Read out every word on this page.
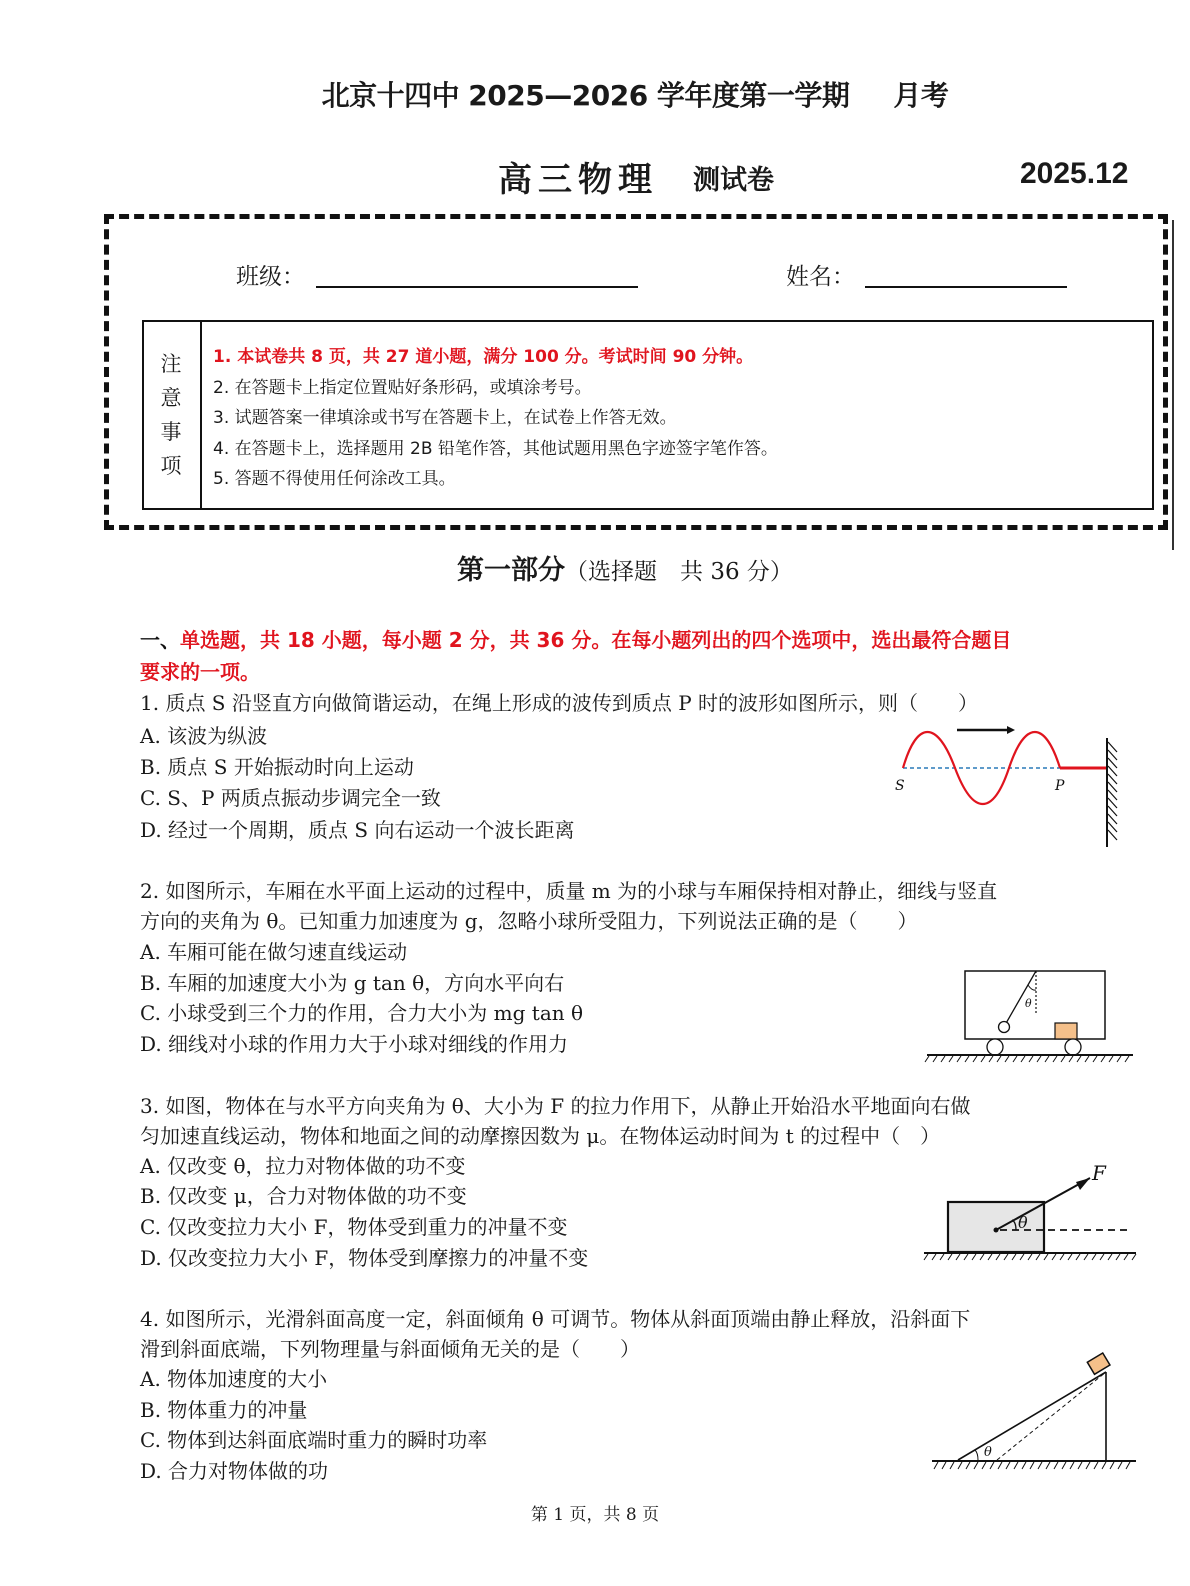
北京十四中 2025—2026 学年度第一学期 月考
高三物理 测试卷	2025.12
班级：	姓名：
注
意
事
项
1. 本试卷共 8 页，共 27 道小题，满分 100 分。考试时间 90 分钟。
2. 在答题卡上指定位置贴好条形码，或填涂考号。
3. 试题答案一律填涂或书写在答题卡上，在试卷上作答无效。
4. 在答题卡上，选择题用 2B 铅笔作答，其他试题用黑色字迹签字笔作答。
5. 答题不得使用任何涂改工具。
第一部分（选择题　共 36 分）
一、单选题，共 18 小题，每小题 2 分，共 36 分。在每小题列出的四个选项中，选出最符合题目
要求的一项。
1. 质点 S 沿竖直方向做简谐运动，在绳上形成的波传到质点 P 时的波形如图所示，则（　　）
A. 该波为纵波
B. 质点 S 开始振动时向上运动
C. S、P 两质点振动步调完全一致
D. 经过一个周期，质点 S 向右运动一个波长距离
S	P
2. 如图所示，车厢在水平面上运动的过程中，质量 m 为的小球与车厢保持相对静止，细线与竖直
方向的夹角为 θ。已知重力加速度为 g，忽略小球所受阻力，下列说法正确的是（　　）
A. 车厢可能在做匀速直线运动
B. 车厢的加速度大小为 g tan θ，方向水平向右
C. 小球受到三个力的作用，合力大小为 mg tan θ
D. 细线对小球的作用力大于小球对细线的作用力
θ
3. 如图，物体在与水平方向夹角为 θ、大小为 F 的拉力作用下，从静止开始沿水平地面向右做
匀加速直线运动，物体和地面之间的动摩擦因数为 μ。在物体运动时间为 t 的过程中（　）
A. 仅改变 θ，拉力对物体做的功不变
B. 仅改变 μ，合力对物体做的功不变
C. 仅改变拉力大小 F，物体受到重力的冲量不变
D. 仅改变拉力大小 F，物体受到摩擦力的冲量不变
θ
F
4. 如图所示，光滑斜面高度一定，斜面倾角 θ 可调节。物体从斜面顶端由静止释放，沿斜面下
滑到斜面底端，下列物理量与斜面倾角无关的是（　　）
A. 物体加速度的大小
B. 物体重力的冲量
C. 物体到达斜面底端时重力的瞬时功率
D. 合力对物体做的功
θ
第 1 页，共 8 页
